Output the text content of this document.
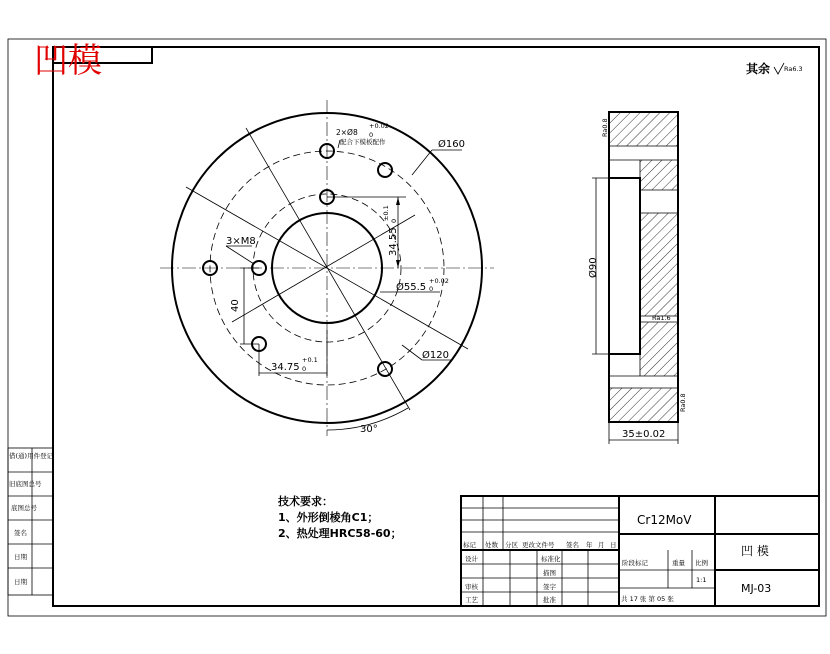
凹模	其余 Ra6.3
借(通)用件登记
旧底图总号
底图总号
签名
日期
日期
2×Ø8
+0.02
0
配合下模板配作	Ø160
Ø55.5
+0.02
0
Ø120
34.55
±0.1 0
40
34.75
+0.1
0
3×M8
30°
Ø90
35±0.02
Ra0.8
Ra1.6
Ra0.8
技术要求：
1、外形倒棱角C1；
2、热处理HRC58-60；
标记 处数 分区 更改文件号 签名 年 月 日
设计
审核
工艺
标准化
描图
签字
批准
Cr12MoV
阶段标记	重量 比例
1:1
共 17 张 第 05 张
凹 模
MJ-03
